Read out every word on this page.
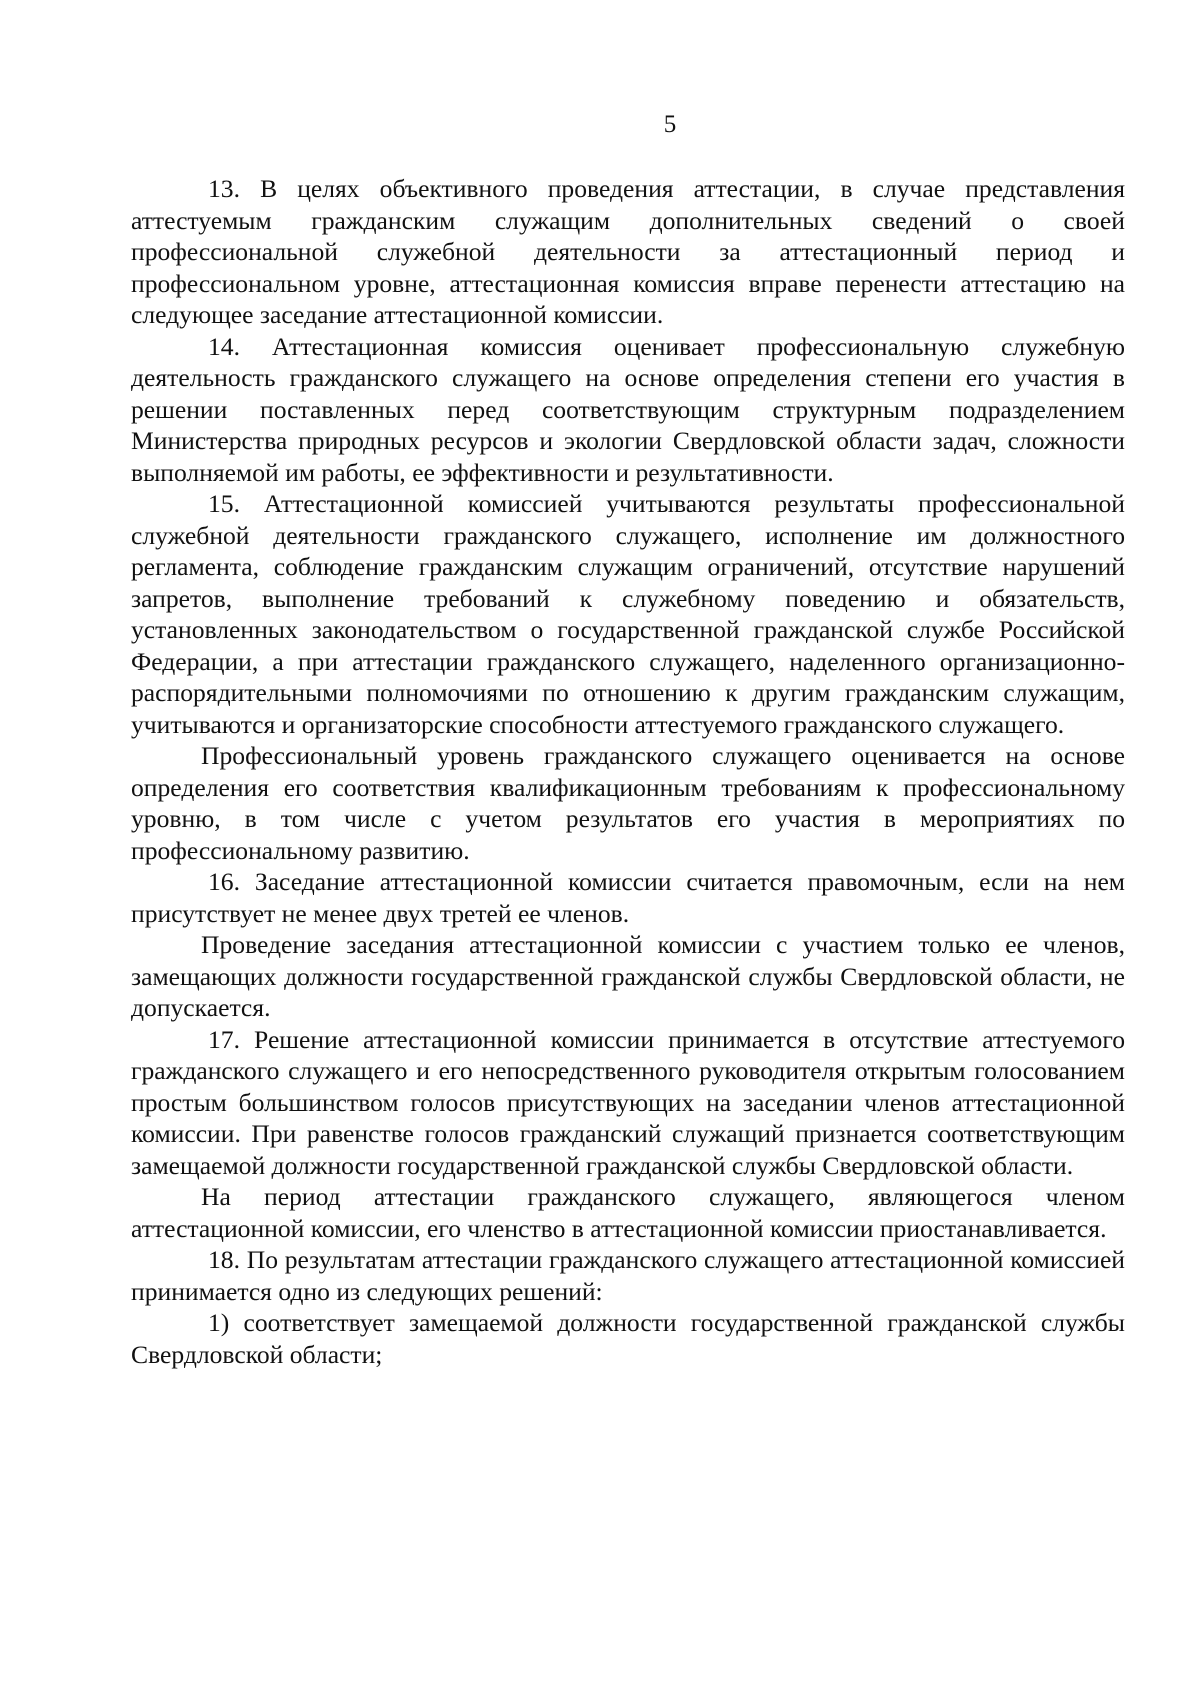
5

13. В целях объективного проведения аттестации, в случае представления аттестуемым гражданским служащим дополнительных сведений о своей профессиональной служебной деятельности за аттестационный период и профессиональном уровне, аттестационная комиссия вправе перенести аттестацию на следующее заседание аттестационной комиссии.

14. Аттестационная комиссия оценивает профессиональную служебную деятельность гражданского служащего на основе определения степени его участия в решении поставленных перед соответствующим структурным подразделением Министерства природных ресурсов и экологии Свердловской области задач, сложности выполняемой им работы, ее эффективности и результативности.

15. Аттестационной комиссией учитываются результаты профессиональной служебной деятельности гражданского служащего, исполнение им должностного регламента, соблюдение гражданским служащим ограничений, отсутствие нарушений запретов, выполнение требований к служебному поведению и обязательств, установленных законодательством о государственной гражданской службе Российской Федерации, а при аттестации гражданского служащего, наделенного организационно-распорядительными полномочиями по отношению к другим гражданским служащим, учитываются и организаторские способности аттестуемого гражданского служащего.

Профессиональный уровень гражданского служащего оценивается на основе определения его соответствия квалификационным требованиям к профессиональному уровню, в том числе с учетом результатов его участия в мероприятиях по профессиональному развитию.

16. Заседание аттестационной комиссии считается правомочным, если на нем присутствует не менее двух третей ее членов.

Проведение заседания аттестационной комиссии с участием только ее членов, замещающих должности государственной гражданской службы Свердловской области, не допускается.

17. Решение аттестационной комиссии принимается в отсутствие аттестуемого гражданского служащего и его непосредственного руководителя открытым голосованием простым большинством голосов присутствующих на заседании членов аттестационной комиссии. При равенстве голосов гражданский служащий признается соответствующим замещаемой должности государственной гражданской службы Свердловской области.

На период аттестации гражданского служащего, являющегося членом аттестационной комиссии, его членство в аттестационной комиссии приостанавливается.

18. По результатам аттестации гражданского служащего аттестационной комиссией принимается одно из следующих решений:

1) соответствует замещаемой должности государственной гражданской службы Свердловской области;
